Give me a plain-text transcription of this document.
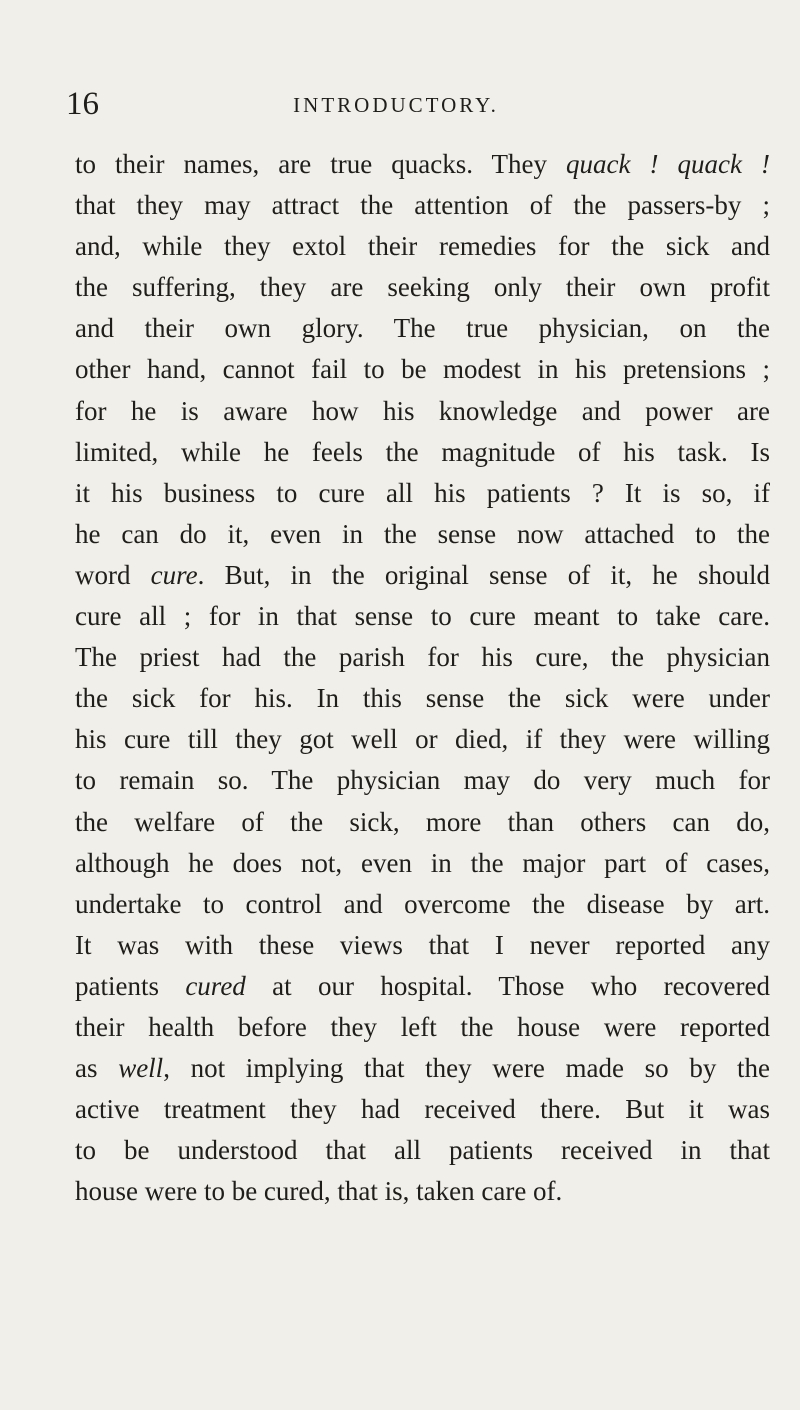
16	INTRODUCTORY.
to their names, are true quacks. They quack ! quack !
that they may attract the attention of the passers-by ;
and, while they extol their remedies for the sick and
the suffering, they are seeking only their own profit
and their own glory. The true physician, on the
other hand, cannot fail to be modest in his pretensions ;
for he is aware how his knowledge and power are
limited, while he feels the magnitude of his task. Is
it his business to cure all his patients ? It is so, if
he can do it, even in the sense now attached to the
word cure. But, in the original sense of it, he should
cure all ; for in that sense to cure meant to take care.
The priest had the parish for his cure, the physician
the sick for his. In this sense the sick were under
his cure till they got well or died, if they were willing
to remain so. The physician may do very much for
the welfare of the sick, more than others can do,
although he does not, even in the major part of cases,
undertake to control and overcome the disease by art.
It was with these views that I never reported any
patients cured at our hospital. Those who recovered
their health before they left the house were reported
as well, not implying that they were made so by the
active treatment they had received there. But it was
to be understood that all patients received in that
house were to be cured, that is, taken care of.
